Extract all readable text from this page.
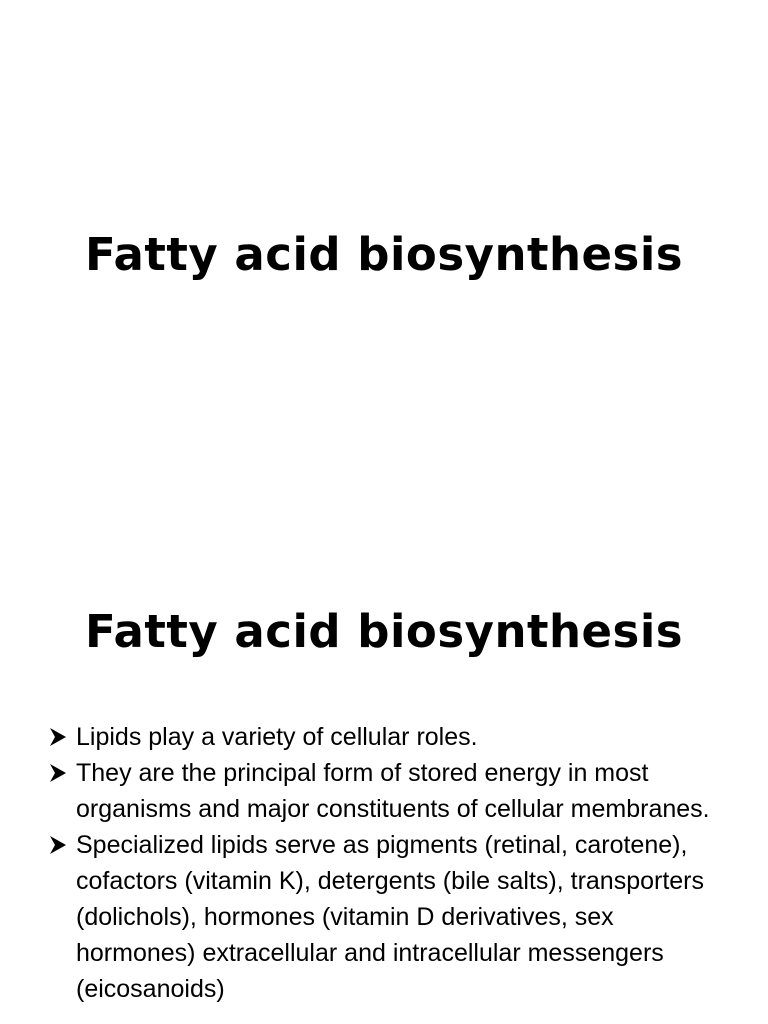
Fatty acid biosynthesis
Fatty acid biosynthesis
Lipids play a variety of cellular roles.
They are the principal form of stored energy in most organisms and major constituents of cellular membranes.
Specialized lipids serve as pigments (retinal, carotene), cofactors (vitamin K), detergents (bile salts), transporters (dolichols), hormones (vitamin D derivatives, sex hormones) extracellular and intracellular messengers (eicosanoids)
